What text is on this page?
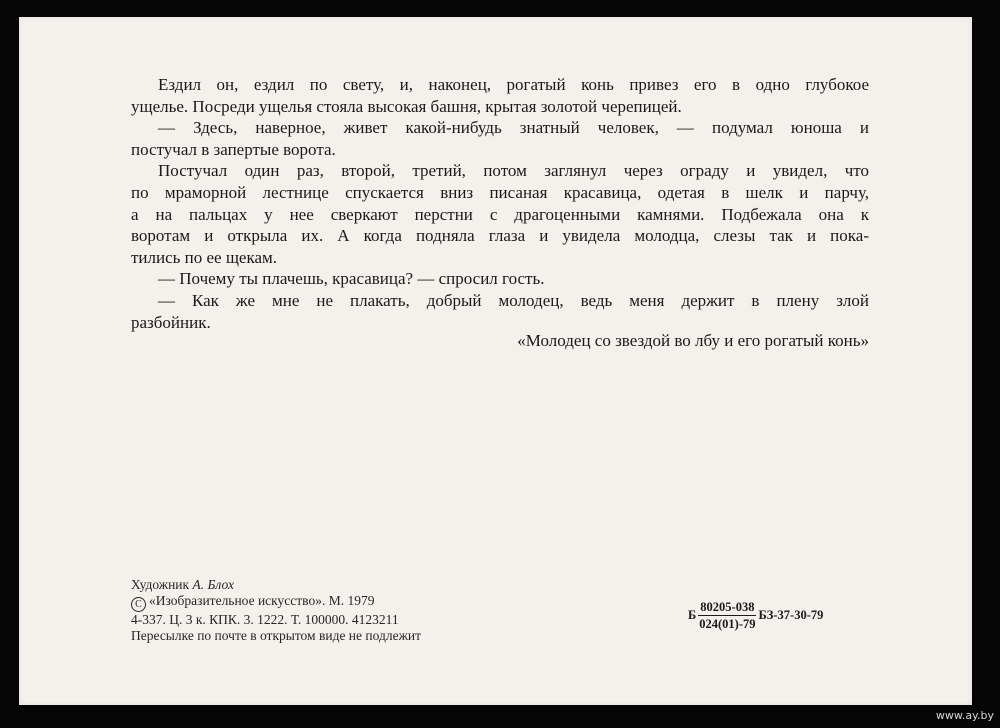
Ездил он, ездил по свету, и, наконец, рогатый конь привез его в одно глубокое
ущелье. Посреди ущелья стояла высокая башня, крытая золотой черепицей.

— Здесь, наверное, живет какой-нибудь знатный человек, — подумал юноша и
постучал в запертые ворота.

Постучал один раз, второй, третий, потом заглянул через ограду и увидел, что
по мраморной лестнице спускается вниз писаная красавица, одетая в шелк и парчу,
а на пальцах у нее сверкают перстни с драгоценными камнями. Подбежала она к
воротам и открыла их. А когда подняла глаза и увидела молодца, слезы так и пока-
тились по ее щекам.

— Почему ты плачешь, красавица? — спросил гость.

— Как же мне не плакать, добрый молодец, ведь меня держит в плену злой
разбойник.

«Молодец со звездой во лбу и его рогатый конь»
Художник А. Блох
C «Изобразительное искусство». М. 1979
4-337. Ц. 3 к. КПК. 3. 1222. Т. 100000. 4123211
Пересылке по почте в открытом виде не подлежит
Б $\frac{80205-038}{024(01)-79} БЗ-37-30-79$
www.ay.by
